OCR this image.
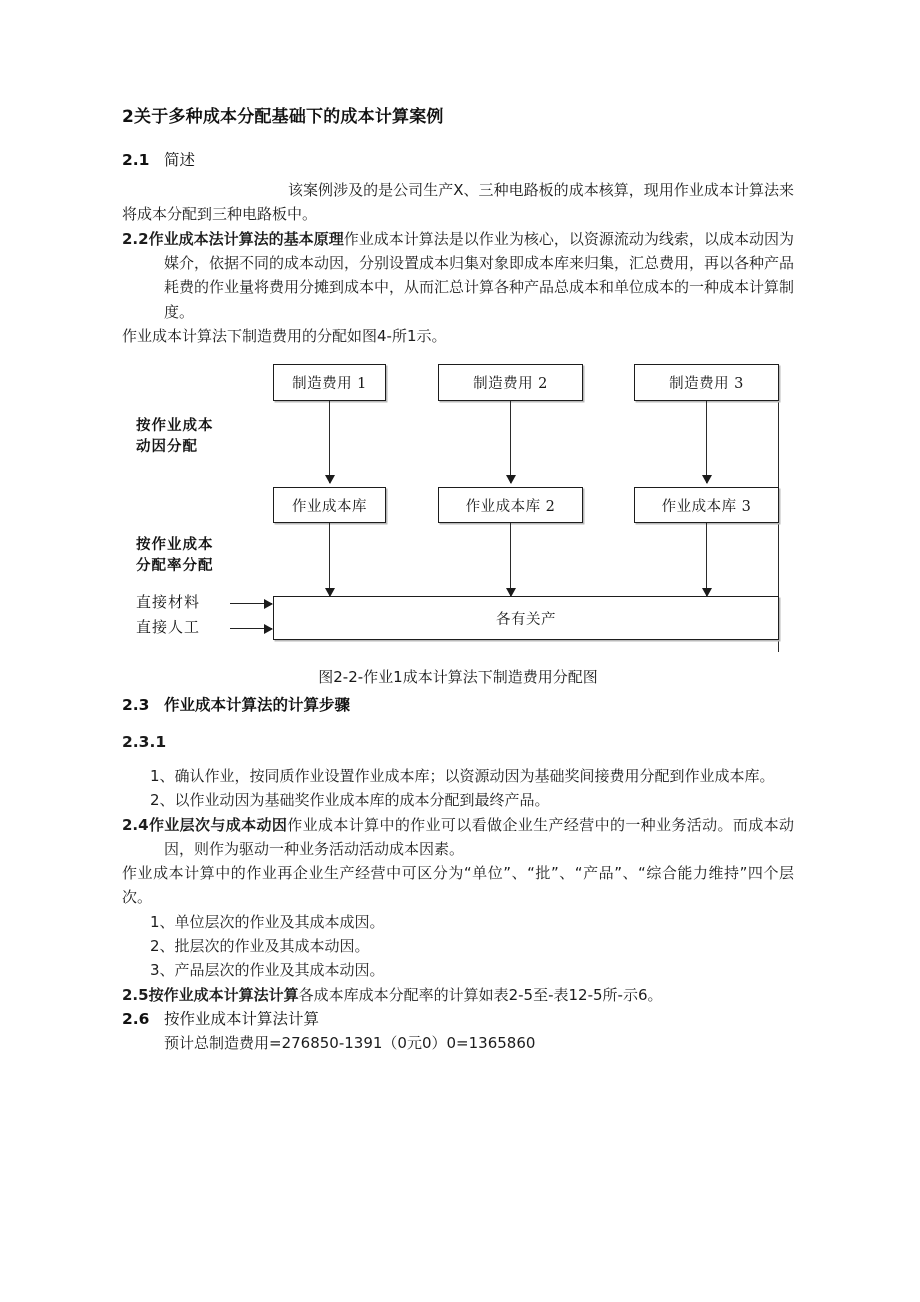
2关于多种成本分配基础下的成本计算案例
2.1 简述

该案例涉及的是公司生产X、三种电路板的成本核算，现用作业成本计算法来将成本分配到三种电路板中。

2.2作业成本法计算法的基本原理作业成本计算法是以作业为核心，以资源流动为线索，以成本动因为媒介，依据不同的成本动因，分别设置成本归集对象即成本库来归集，汇总费用，再以各种产品耗费的作业量将费用分摊到成本中，从而汇总计算各种产品总成本和单位成本的一种成本计算制度。

作业成本计算法下制造费用的分配如图4-所1示。

制造费用 1	制造费用 2	制造费用 3
按作业成本
动因分配
作业成本库	作业成本库 2	作业成本库 3
按作业成本
分配率分配
直接材料
直接人工	各有关产
图2-2-作业1成本计算法下制造费用分配图
2.3 作业成本计算法的计算步骤
2.3.1

1、确认作业，按同质作业设置作业成本库；以资源动因为基础奖间接费用分配到作业成本库。

2、以作业动因为基础奖作业成本库的成本分配到最终产品。

2.4作业层次与成本动因作业成本计算中的作业可以看做企业生产经营中的一种业务活动。而成本动因，则作为驱动一种业务活动活动成本因素。

作业成本计算中的作业再企业生产经营中可区分为“单位”、“批”、“产品”、“综合能力维持”四个层次。

1、单位层次的作业及其成本成因。

2、批层次的作业及其成本动因。

3、产品层次的作业及其成本动因。

2.5按作业成本计算法计算各成本库成本分配率的计算如表2-5至-表12-5所-示6。

2.6 按作业成本计算法计算

预计总制造费用=276850-1391（0元0）0=1365860
